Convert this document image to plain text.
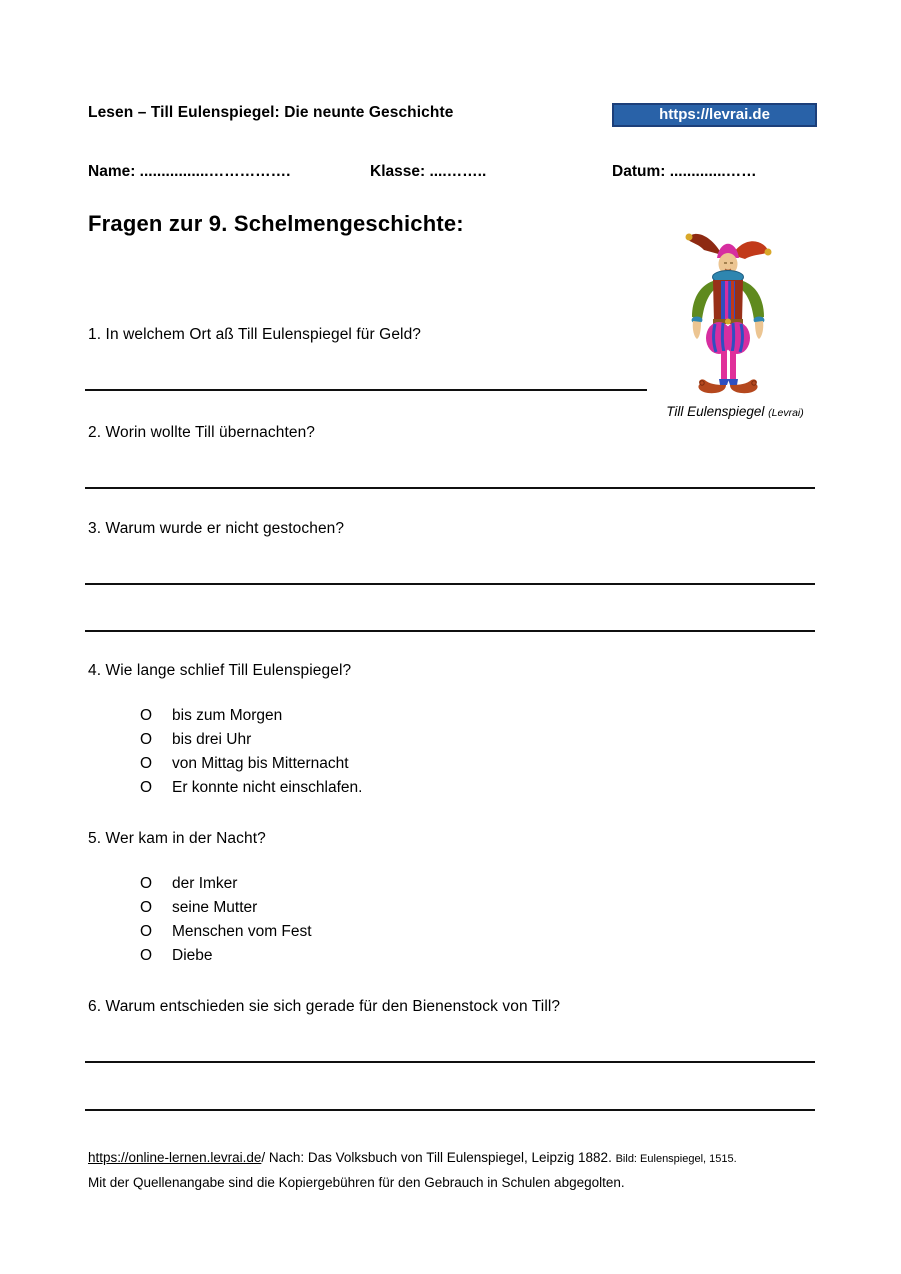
Lesen – Till Eulenspiegel: Die neunte Geschichte	https://levrai.de
Name: ................…………….	Klasse: ....……..	Datum: .............……
Fragen zur 9. Schelmengeschichte:
Till Eulenspiegel (Levrai)
1. In welchem Ort aß Till Eulenspiegel für Geld?
2. Worin wollte Till übernachten?
3. Warum wurde er nicht gestochen?
4. Wie lange schlief Till Eulenspiegel?
O bis zum Morgen
O bis drei Uhr
O von Mittag bis Mitternacht
O Er konnte nicht einschlafen.
5. Wer kam in der Nacht?
O der Imker
O seine Mutter
O Menschen vom Fest
O Diebe
6. Warum entschieden sie sich gerade für den Bienenstock von Till?
https://online-lernen.levrai.de/ Nach: Das Volksbuch von Till Eulenspiegel, Leipzig 1882. Bild: Eulenspiegel, 1515.
Mit der Quellenangabe sind die Kopiergebühren für den Gebrauch in Schulen abgegolten.
